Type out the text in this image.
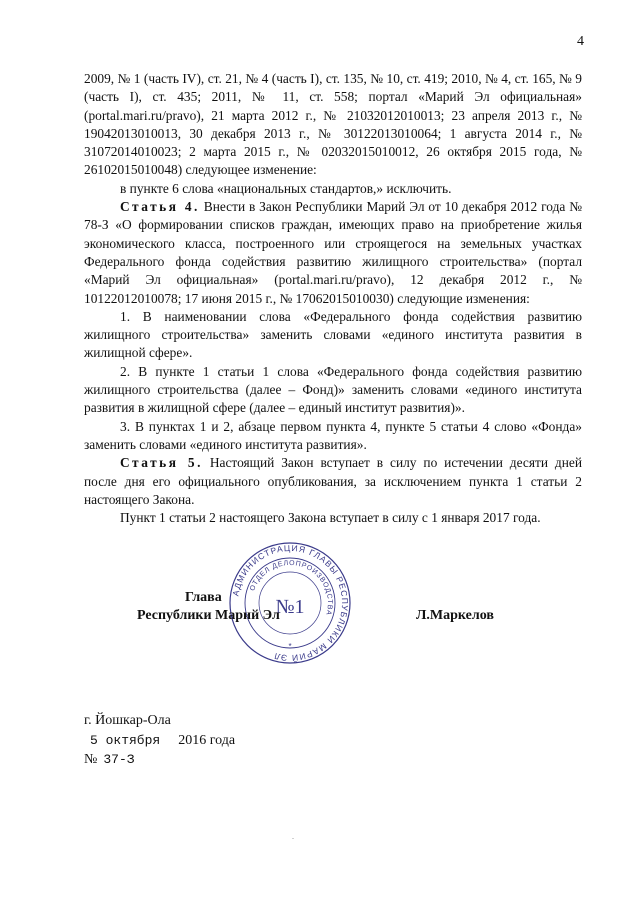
4

2009, № 1 (часть IV), ст. 21, № 4 (часть I), ст. 135, № 10, ст. 419; 2010, № 4, ст. 165, № 9 (часть I), ст. 435; 2011, № 11, ст. 558; портал «Марий Эл официальная» (portal.mari.ru/pravo), 21 марта 2012 г., № 21032012010013; 23 апреля 2013 г., № 19042013010013, 30 декабря 2013 г., № 30122013010064; 1 августа 2014 г., № 31072014010023; 2 марта 2015 г., № 02032015010012, 26 октября 2015 года, № 26102015010048) следующее изменение:

в пункте 6 слова «национальных стандартов,» исключить.

Статья 4. Внести в Закон Республики Марий Эл от 10 декабря 2012 года № 78-З «О формировании списков граждан, имеющих право на приобретение жилья экономического класса, построенного или строящегося на земельных участках Федерального фонда содействия развитию жилищного строительства» (портал «Марий Эл официальная» (portal.mari.ru/pravo), 12 декабря 2012 г., № 10122012010078; 17 июня 2015 г., № 17062015010030) следующие изменения:

1. В наименовании слова «Федерального фонда содействия развитию жилищного строительства» заменить словами «единого института развития в жилищной сфере».

2. В пункте 1 статьи 1 слова «Федерального фонда содействия развитию жилищного строительства (далее – Фонд)» заменить словами «единого института развития в жилищной сфере (далее – единый институт развития)».

3. В пунктах 1 и 2, абзаце первом пункта 4, пункте 5 статьи 4 слово «Фонда» заменить словами «единого института развития».

Статья 5. Настоящий Закон вступает в силу по истечении десяти дней после дня его официального опубликования, за исключением пункта 1 статьи 2 настоящего Закона.

Пункт 1 статьи 2 настоящего Закона вступает в силу с 1 января 2017 года.

АДМИНИСТРАЦИЯ ГЛАВЫ РЕСПУБЛИКИ МАРИЙ ЭЛ
ОТДЕЛ ДЕЛОПРОИЗВОДСТВА
№1
*
Глава
Республики Марий Эл	Л.Маркелов
г. Йошкар-Ола
5 октября 2016 года
№ 37-З
.
